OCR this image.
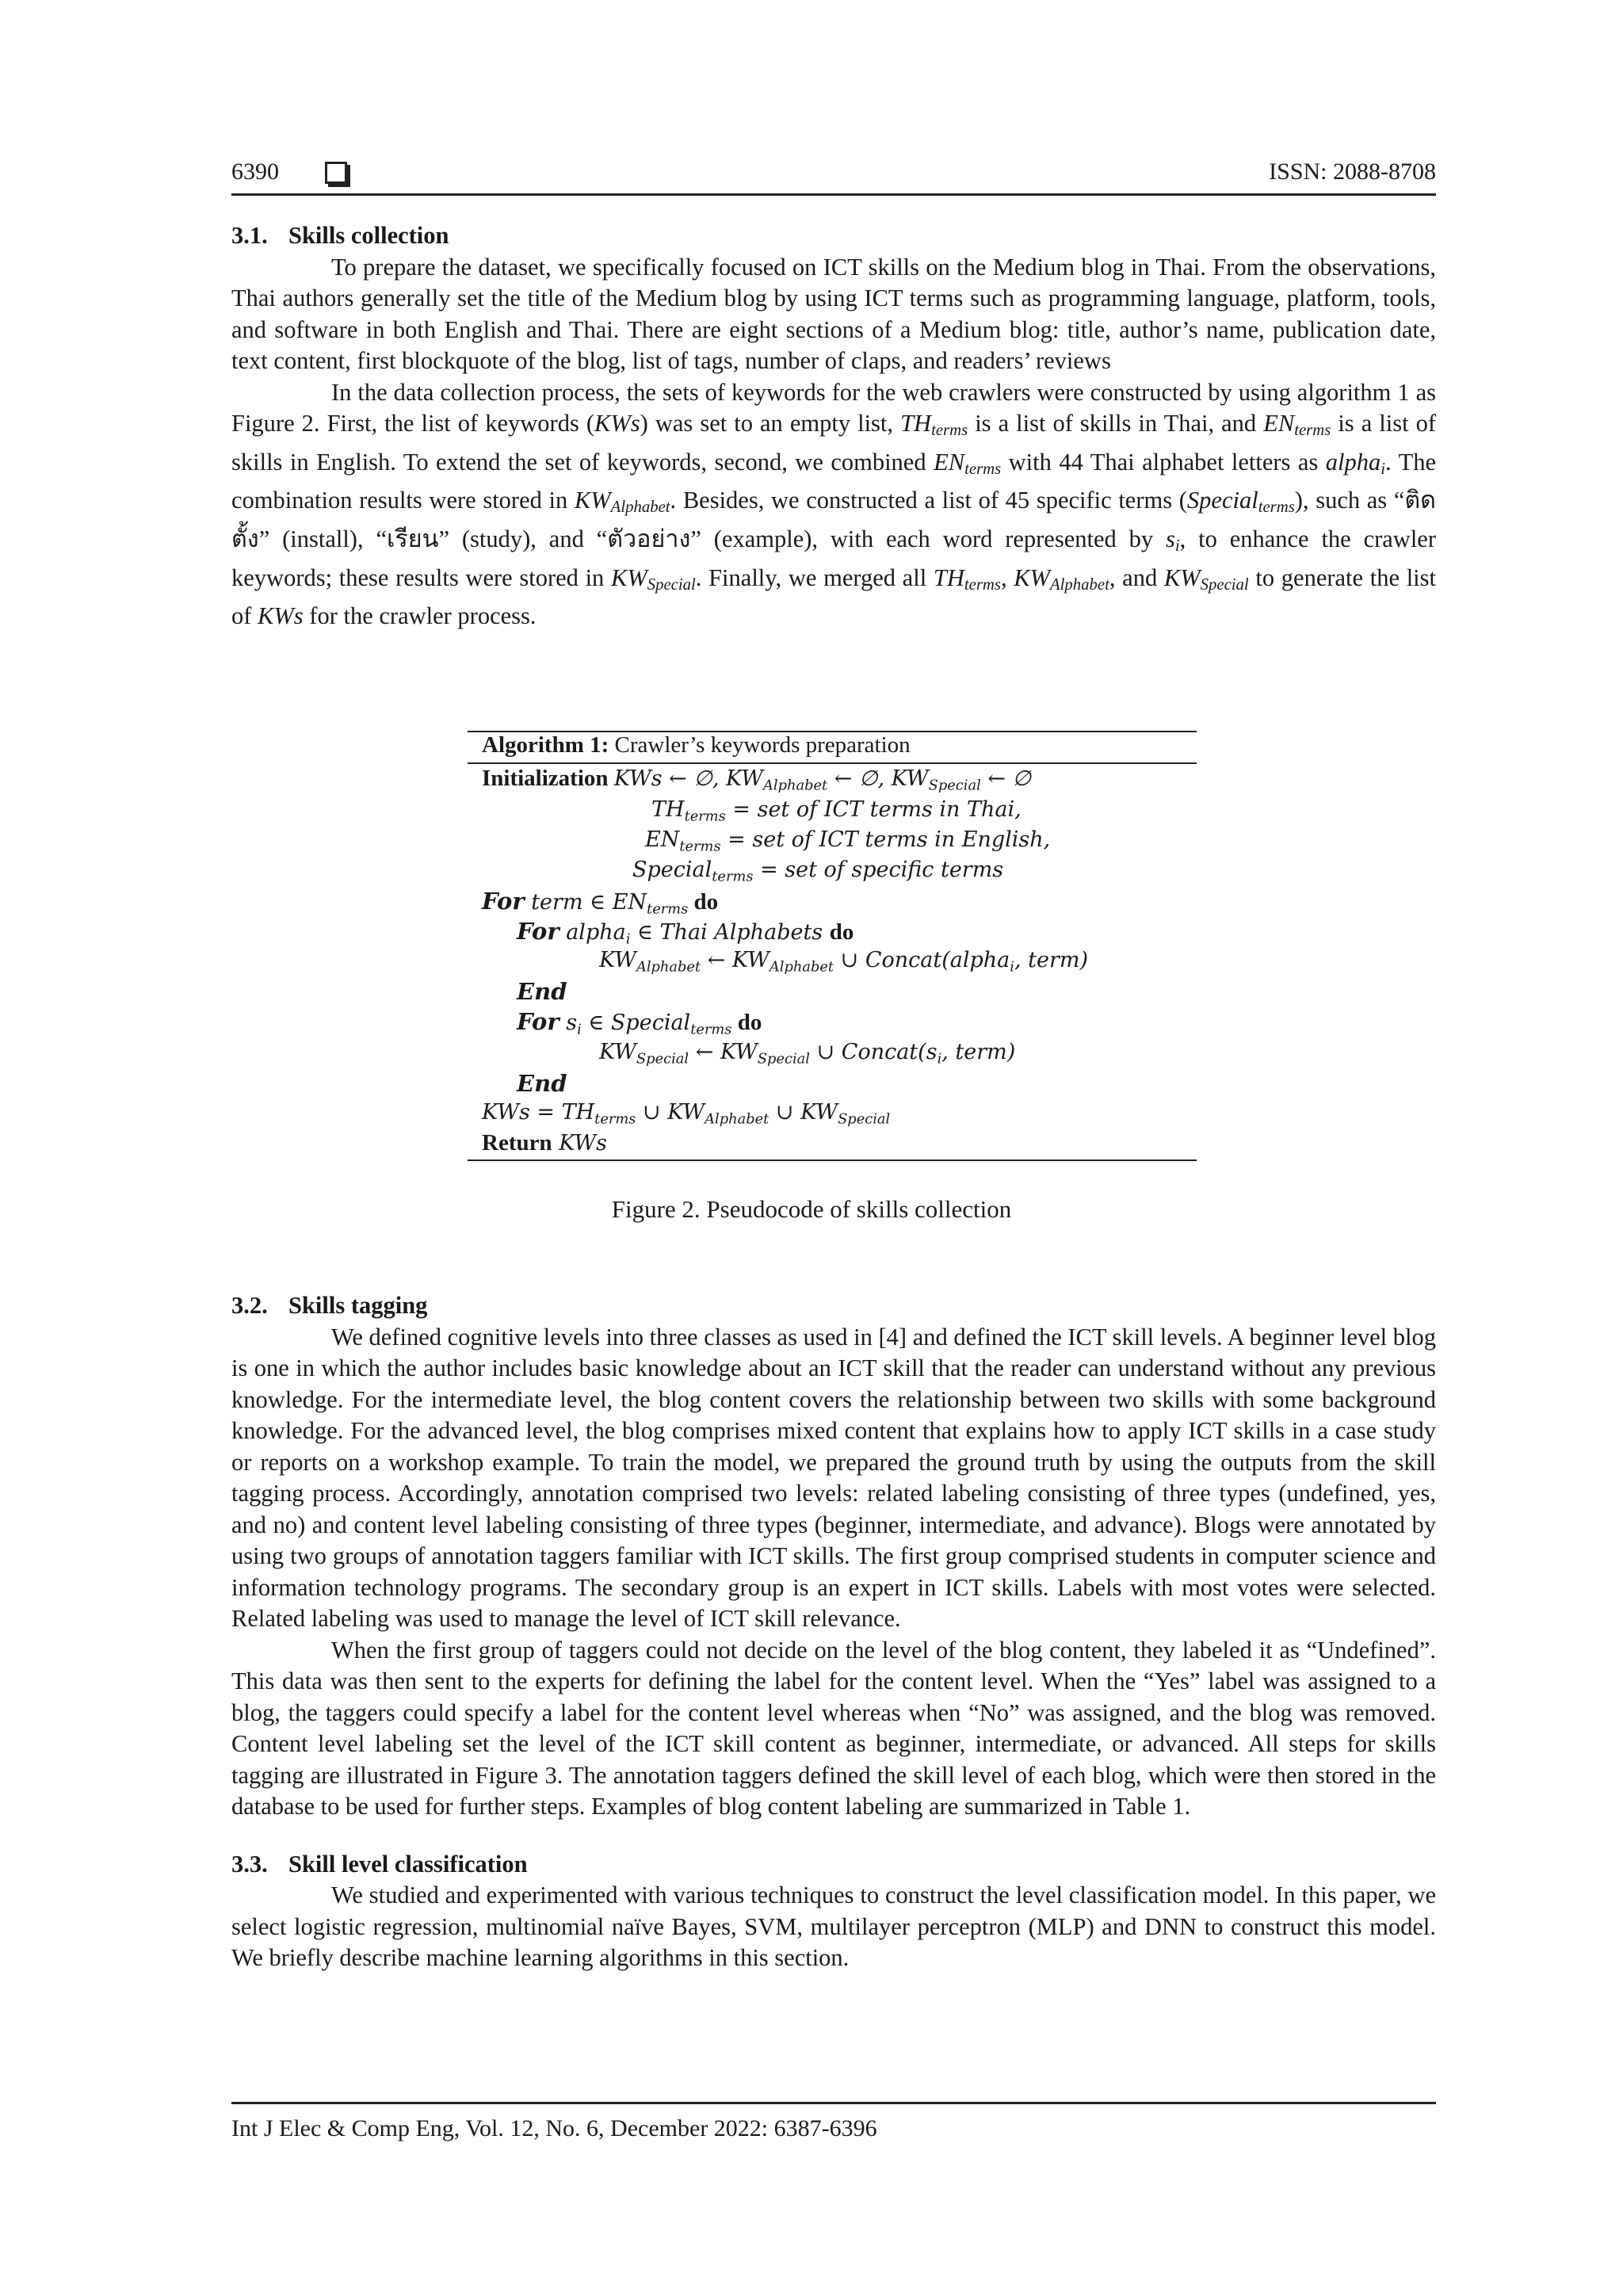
6390	ISSN: 2088-8708

3.1. Skills collection

To prepare the dataset, we specifically focused on ICT skills on the Medium blog in Thai. From the observations, Thai authors generally set the title of the Medium blog by using ICT terms such as programming language, platform, tools, and software in both English and Thai. There are eight sections of a Medium blog: title, author’s name, publication date, text content, first blockquote of the blog, list of tags, number of claps, and readers’ reviews

In the data collection process, the sets of keywords for the web crawlers were constructed by using algorithm 1 as Figure 2. First, the list of keywords (KWs) was set to an empty list, $TH_{terms}$ is a list of skills in Thai, and $EN_{terms}$ is a list of skills in English. To extend the set of keywords, second, we combined $EN_{terms}$ with 44 Thai alphabet letters as alpha$_i$. The combination results were stored in $KW_{Alphabet}$. Besides, we constructed a list of 45 specific terms (Special$_{terms}$), such as “ติดตั้ง” (install), “เรียน” (study), and “ตัวอย่าง” (example), with each word represented by $s_i$, to enhance the crawler keywords; these results were stored in $KW_{Special}$. Finally, we merged all $TH_{terms}$, $KW_{Alphabet}$, and $KW_{Special}$ to generate the list of KWs for the crawler process.

Algorithm 1: Crawler’s keywords preparation
Initialization KWs ← ∅, KWAlphabet ← ∅, KWSpecial ← ∅
THterms = set of ICT terms in Thai,
ENterms = set of ICT terms in English,
Specialterms = set of specific terms
For term ∈ ENterms do
For alphai ∈ Thai Alphabets do
KWAlphabet ← KWAlphabet ∪ Concat(alphai, term)
End
For si ∈ Specialterms do
KWSpecial ← KWSpecial ∪ Concat(si, term)
End
KWs = THterms ∪ KWAlphabet ∪ KWSpecial
Return KWs
Figure 2. Pseudocode of skills collection

3.2. Skills tagging

We defined cognitive levels into three classes as used in [4] and defined the ICT skill levels. A beginner level blog is one in which the author includes basic knowledge about an ICT skill that the reader can understand without any previous knowledge. For the intermediate level, the blog content covers the relationship between two skills with some background knowledge. For the advanced level, the blog comprises mixed content that explains how to apply ICT skills in a case study or reports on a workshop example. To train the model, we prepared the ground truth by using the outputs from the skill tagging process. Accordingly, annotation comprised two levels: related labeling consisting of three types (undefined, yes, and no) and content level labeling consisting of three types (beginner, intermediate, and advance). Blogs were annotated by using two groups of annotation taggers familiar with ICT skills. The first group comprised students in computer science and information technology programs. The secondary group is an expert in ICT skills. Labels with most votes were selected. Related labeling was used to manage the level of ICT skill relevance.

When the first group of taggers could not decide on the level of the blog content, they labeled it as “Undefined”. This data was then sent to the experts for defining the label for the content level. When the “Yes” label was assigned to a blog, the taggers could specify a label for the content level whereas when “No” was assigned, and the blog was removed. Content level labeling set the level of the ICT skill content as beginner, intermediate, or advanced. All steps for skills tagging are illustrated in Figure 3. The annotation taggers defined the skill level of each blog, which were then stored in the database to be used for further steps. Examples of blog content labeling are summarized in Table 1.

3.3. Skill level classification

We studied and experimented with various techniques to construct the level classification model. In this paper, we select logistic regression, multinomial naïve Bayes, SVM, multilayer perceptron (MLP) and DNN to construct this model. We briefly describe machine learning algorithms in this section.

Int J Elec & Comp Eng, Vol. 12, No. 6, December 2022: 6387-6396
